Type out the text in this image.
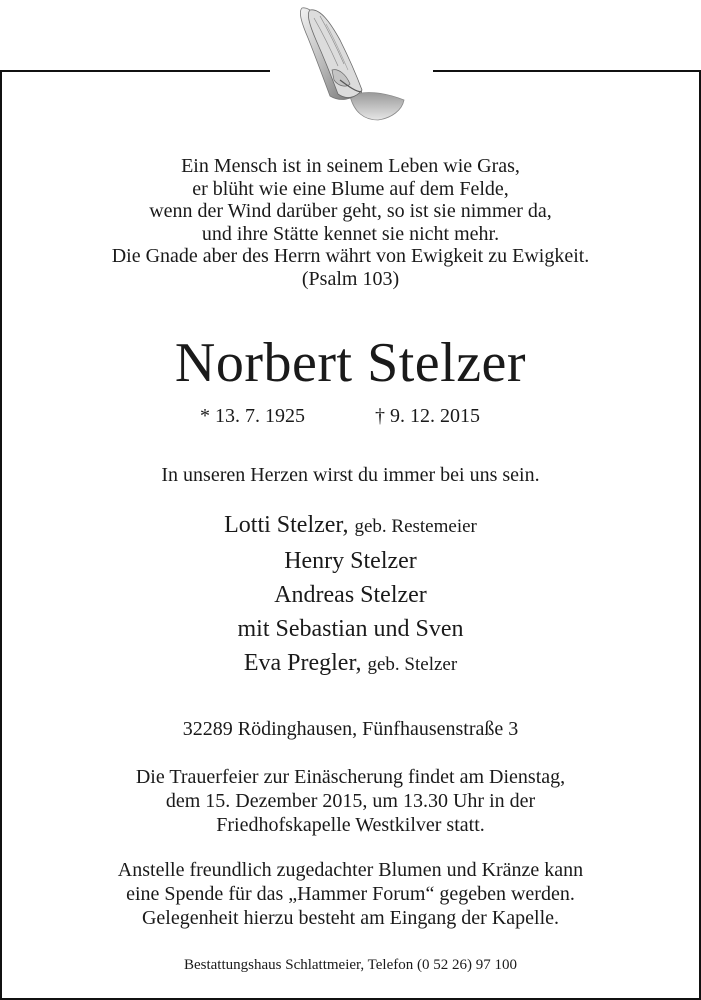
Ein Mensch ist in seinem Leben wie Gras,
er blüht wie eine Blume auf dem Felde,
wenn der Wind darüber geht, so ist sie nimmer da,
und ihre Stätte kennet sie nicht mehr.
Die Gnade aber des Herrn währt von Ewigkeit zu Ewigkeit.
(Psalm 103)
Norbert Stelzer
* 13. 7. 1925	† 9. 12. 2015
In unseren Herzen wirst du immer bei uns sein.
Lotti Stelzer, geb. Restemeier
Henry Stelzer
Andreas Stelzer
mit Sebastian und Sven
Eva Pregler, geb. Stelzer
32289 Rödinghausen, Fünfhausenstraße 3
Die Trauerfeier zur Einäscherung findet am Dienstag,
dem 15. Dezember 2015, um 13.30 Uhr in der
Friedhofskapelle Westkilver statt.
Anstelle freundlich zugedachter Blumen und Kränze kann
eine Spende für das „Hammer Forum“ gegeben werden.
Gelegenheit hierzu besteht am Eingang der Kapelle.
Bestattungshaus Schlattmeier, Telefon (0 52 26) 97 100
